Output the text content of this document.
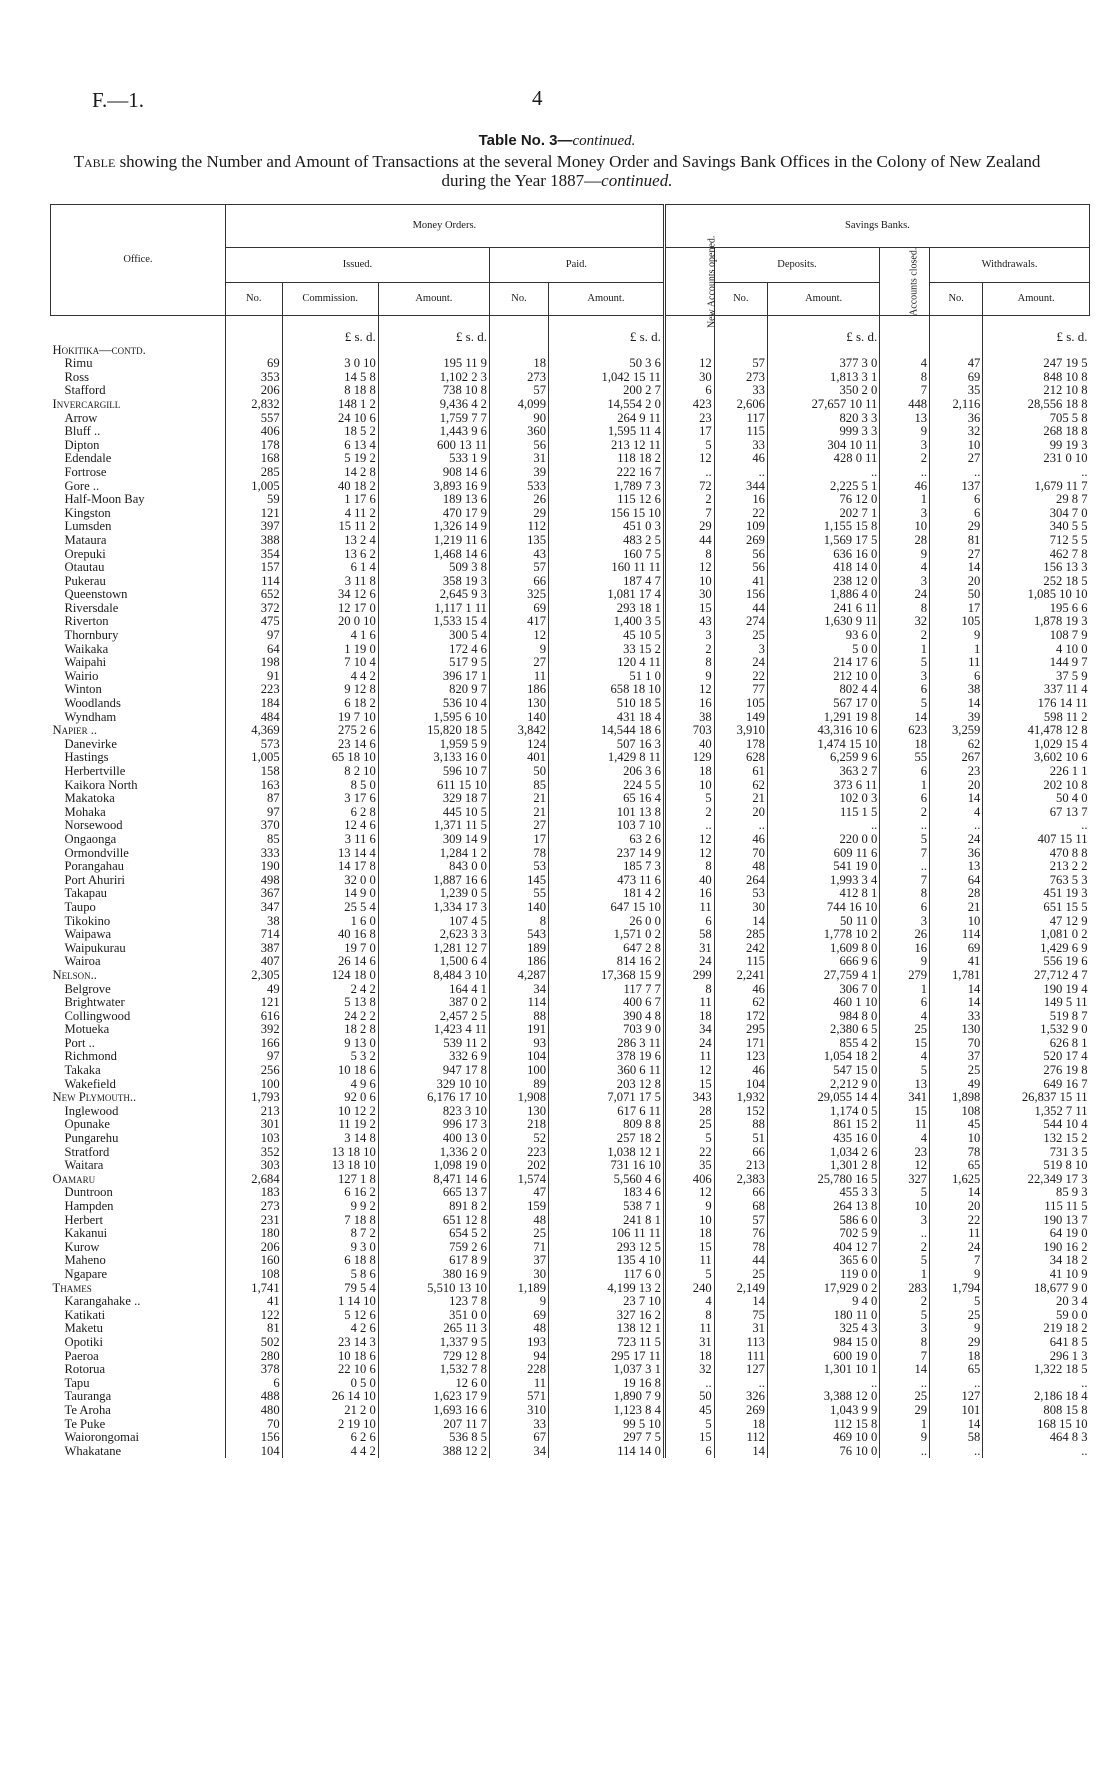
F.—1.	4
Table No. 3—continued.
Table showing the Number and Amount of Transactions at the several Money Order and Savings Bank Offices in the Colony of New Zealand during the Year 1887—continued.
Office.	Money Orders.					Savings Banks.					
	Issued.			Paid.		New Accounts opened.	Deposits.		Accounts closed.	Withdrawals.	
	No.	Commission.	Amount.	No.	Amount.		No.	Amount.		No.	Amount.
		£ s. d.	£ s. d.		£ s. d.			£ s. d.			£ s. d.
Hokitika—contd.											
Rimu	69	3 0 10	195 11 9	18	50 3 6	12	57	377 3 0	4	47	247 19 5
Ross	353	14 5 8	1,102 2 3	273	1,042 15 11	30	273	1,813 3 1	8	69	848 10 8
Stafford	206	8 18 8	738 10 8	57	200 2 7	6	33	350 2 0	7	35	212 10 8
Invercargill	2,832	148 1 2	9,436 4 2	4,099	14,554 2 0	423	2,606	27,657 10 11	448	2,116	28,556 18 8
Arrow	557	24 10 6	1,759 7 7	90	264 9 11	23	117	820 3 3	13	36	705 5 8
Bluff ..	406	18 5 2	1,443 9 6	360	1,595 11 4	17	115	999 3 3	9	32	268 18 8
Dipton	178	6 13 4	600 13 11	56	213 12 11	5	33	304 10 11	3	10	99 19 3
Edendale	168	5 19 2	533 1 9	31	118 18 2	12	46	428 0 11	2	27	231 0 10
Fortrose	285	14 2 8	908 14 6	39	222 16 7	..	..	..	..	..	..
Gore ..	1,005	40 18 2	3,893 16 9	533	1,789 7 3	72	344	2,225 5 1	46	137	1,679 11 7
Half-Moon Bay	59	1 17 6	189 13 6	26	115 12 6	2	16	76 12 0	1	6	29 8 7
Kingston	121	4 11 2	470 17 9	29	156 15 10	7	22	202 7 1	3	6	304 7 0
Lumsden	397	15 11 2	1,326 14 9	112	451 0 3	29	109	1,155 15 8	10	29	340 5 5
Mataura	388	13 2 4	1,219 11 6	135	483 2 5	44	269	1,569 17 5	28	81	712 5 5
Orepuki	354	13 6 2	1,468 14 6	43	160 7 5	8	56	636 16 0	9	27	462 7 8
Otautau	157	6 1 4	509 3 8	57	160 11 11	12	56	418 14 0	4	14	156 13 3
Pukerau	114	3 11 8	358 19 3	66	187 4 7	10	41	238 12 0	3	20	252 18 5
Queenstown	652	34 12 6	2,645 9 3	325	1,081 17 4	30	156	1,886 4 0	24	50	1,085 10 10
Riversdale	372	12 17 0	1,117 1 11	69	293 18 1	15	44	241 6 11	8	17	195 6 6
Riverton	475	20 0 10	1,533 15 4	417	1,400 3 5	43	274	1,630 9 11	32	105	1,878 19 3
Thornbury	97	4 1 6	300 5 4	12	45 10 5	3	25	93 6 0	2	9	108 7 9
Waikaka	64	1 19 0	172 4 6	9	33 15 2	2	3	5 0 0	1	1	4 10 0
Waipahi	198	7 10 4	517 9 5	27	120 4 11	8	24	214 17 6	5	11	144 9 7
Wairio	91	4 4 2	396 17 1	11	51 1 0	9	22	212 10 0	3	6	37 5 9
Winton	223	9 12 8	820 9 7	186	658 18 10	12	77	802 4 4	6	38	337 11 4
Woodlands	184	6 18 2	536 10 4	130	510 18 5	16	105	567 17 0	5	14	176 14 11
Wyndham	484	19 7 10	1,595 6 10	140	431 18 4	38	149	1,291 19 8	14	39	598 11 2
Napier ..	4,369	275 2 6	15,820 18 5	3,842	14,544 18 6	703	3,910	43,316 10 6	623	3,259	41,478 12 8
Danevirke	573	23 14 6	1,959 5 9	124	507 16 3	40	178	1,474 15 10	18	62	1,029 15 4
Hastings	1,005	65 18 10	3,133 16 0	401	1,429 8 11	129	628	6,259 9 6	55	267	3,602 10 6
Herbertville	158	8 2 10	596 10 7	50	206 3 6	18	61	363 2 7	6	23	226 1 1
Kaikora North	163	8 5 0	611 15 10	85	224 5 5	10	62	373 6 11	1	20	202 10 8
Makatoka	87	3 17 6	329 18 7	21	65 16 4	5	21	102 0 3	6	14	50 4 0
Mohaka	97	6 2 8	445 10 5	21	101 13 8	2	20	115 1 5	2	4	67 13 7
Norsewood	370	12 4 6	1,371 11 5	27	103 7 10	..	..	..	..	..	..
Ongaonga	85	3 11 6	309 14 9	17	63 2 6	12	46	220 0 0	5	24	407 15 11
Ormondville	333	13 14 4	1,284 1 2	78	237 14 9	12	70	609 11 6	7	36	470 8 8
Porangahau	190	14 17 8	843 0 0	53	185 7 3	8	48	541 19 0	..	13	213 2 2
Port Ahuriri	498	32 0 0	1,887 16 6	145	473 11 6	40	264	1,993 3 4	7	64	763 5 3
Takapau	367	14 9 0	1,239 0 5	55	181 4 2	16	53	412 8 1	8	28	451 19 3
Taupo	347	25 5 4	1,334 17 3	140	647 15 10	11	30	744 16 10	6	21	651 15 5
Tikokino	38	1 6 0	107 4 5	8	26 0 0	6	14	50 11 0	3	10	47 12 9
Waipawa	714	40 16 8	2,623 3 3	543	1,571 0 2	58	285	1,778 10 2	26	114	1,081 0 2
Waipukurau	387	19 7 0	1,281 12 7	189	647 2 8	31	242	1,609 8 0	16	69	1,429 6 9
Wairoa	407	26 14 6	1,500 6 4	186	814 16 2	24	115	666 9 6	9	41	556 19 6
Nelson..	2,305	124 18 0	8,484 3 10	4,287	17,368 15 9	299	2,241	27,759 4 1	279	1,781	27,712 4 7
Belgrove	49	2 4 2	164 4 1	34	117 7 7	8	46	306 7 0	1	14	190 19 4
Brightwater	121	5 13 8	387 0 2	114	400 6 7	11	62	460 1 10	6	14	149 5 11
Collingwood	616	24 2 2	2,457 2 5	88	390 4 8	18	172	984 8 0	4	33	519 8 7
Motueka	392	18 2 8	1,423 4 11	191	703 9 0	34	295	2,380 6 5	25	130	1,532 9 0
Port ..	166	9 13 0	539 11 2	93	286 3 11	24	171	855 4 2	15	70	626 8 1
Richmond	97	5 3 2	332 6 9	104	378 19 6	11	123	1,054 18 2	4	37	520 17 4
Takaka	256	10 18 6	947 17 8	100	360 6 11	12	46	547 15 0	5	25	276 19 8
Wakefield	100	4 9 6	329 10 10	89	203 12 8	15	104	2,212 9 0	13	49	649 16 7
New Plymouth..	1,793	92 0 6	6,176 17 10	1,908	7,071 17 5	343	1,932	29,055 14 4	341	1,898	26,837 15 11
Inglewood	213	10 12 2	823 3 10	130	617 6 11	28	152	1,174 0 5	15	108	1,352 7 11
Opunake	301	11 19 2	996 17 3	218	809 8 8	25	88	861 15 2	11	45	544 10 4
Pungarehu	103	3 14 8	400 13 0	52	257 18 2	5	51	435 16 0	4	10	132 15 2
Stratford	352	13 18 10	1,336 2 0	223	1,038 12 1	22	66	1,034 2 6	23	78	731 3 5
Waitara	303	13 18 10	1,098 19 0	202	731 16 10	35	213	1,301 2 8	12	65	519 8 10
Oamaru	2,684	127 1 8	8,471 14 6	1,574	5,560 4 6	406	2,383	25,780 16 5	327	1,625	22,349 17 3
Duntroon	183	6 16 2	665 13 7	47	183 4 6	12	66	455 3 3	5	14	85 9 3
Hampden	273	9 9 2	891 8 2	159	538 7 1	9	68	264 13 8	10	20	115 11 5
Herbert	231	7 18 8	651 12 8	48	241 8 1	10	57	586 6 0	3	22	190 13 7
Kakanui	180	8 7 2	654 5 2	25	106 11 11	18	76	702 5 9	..	11	64 19 0
Kurow	206	9 3 0	759 2 6	71	293 12 5	15	78	404 12 7	2	24	190 16 2
Maheno	160	6 18 8	617 8 9	37	135 4 10	11	44	365 6 0	5	7	34 18 2
Ngapare	108	5 8 6	380 16 9	30	117 6 0	5	25	119 0 0	1	9	41 10 9
Thames	1,741	79 5 4	5,510 13 10	1,189	4,199 13 2	240	2,149	17,929 0 2	283	1,794	18,677 9 0
Karangahake ..	41	1 14 10	123 7 8	9	23 7 10	4	14	9 4 0	2	5	20 3 4
Katikati	122	5 12 6	351 0 0	69	327 16 2	8	75	180 11 0	5	25	59 0 0
Maketu	81	4 2 6	265 11 3	48	138 12 1	11	31	325 4 3	3	9	219 18 2
Opotiki	502	23 14 3	1,337 9 5	193	723 11 5	31	113	984 15 0	8	29	641 8 5
Paeroa	280	10 18 6	729 12 8	94	295 17 11	18	111	600 19 0	7	18	296 1 3
Rotorua	378	22 10 6	1,532 7 8	228	1,037 3 1	32	127	1,301 10 1	14	65	1,322 18 5
Tapu	6	0 5 0	12 6 0	11	19 16 8	..	..	..	..	..	..
Tauranga	488	26 14 10	1,623 17 9	571	1,890 7 9	50	326	3,388 12 0	25	127	2,186 18 4
Te Aroha	480	21 2 0	1,693 16 6	310	1,123 8 4	45	269	1,043 9 9	29	101	808 15 8
Te Puke	70	2 19 10	207 11 7	33	99 5 10	5	18	112 15 8	1	14	168 15 10
Waiorongomai	156	6 2 6	536 8 5	67	297 7 5	15	112	469 10 0	9	58	464 8 3
Whakatane	104	4 4 2	388 12 2	34	114 14 0	6	14	76 10 0	..	..	..
